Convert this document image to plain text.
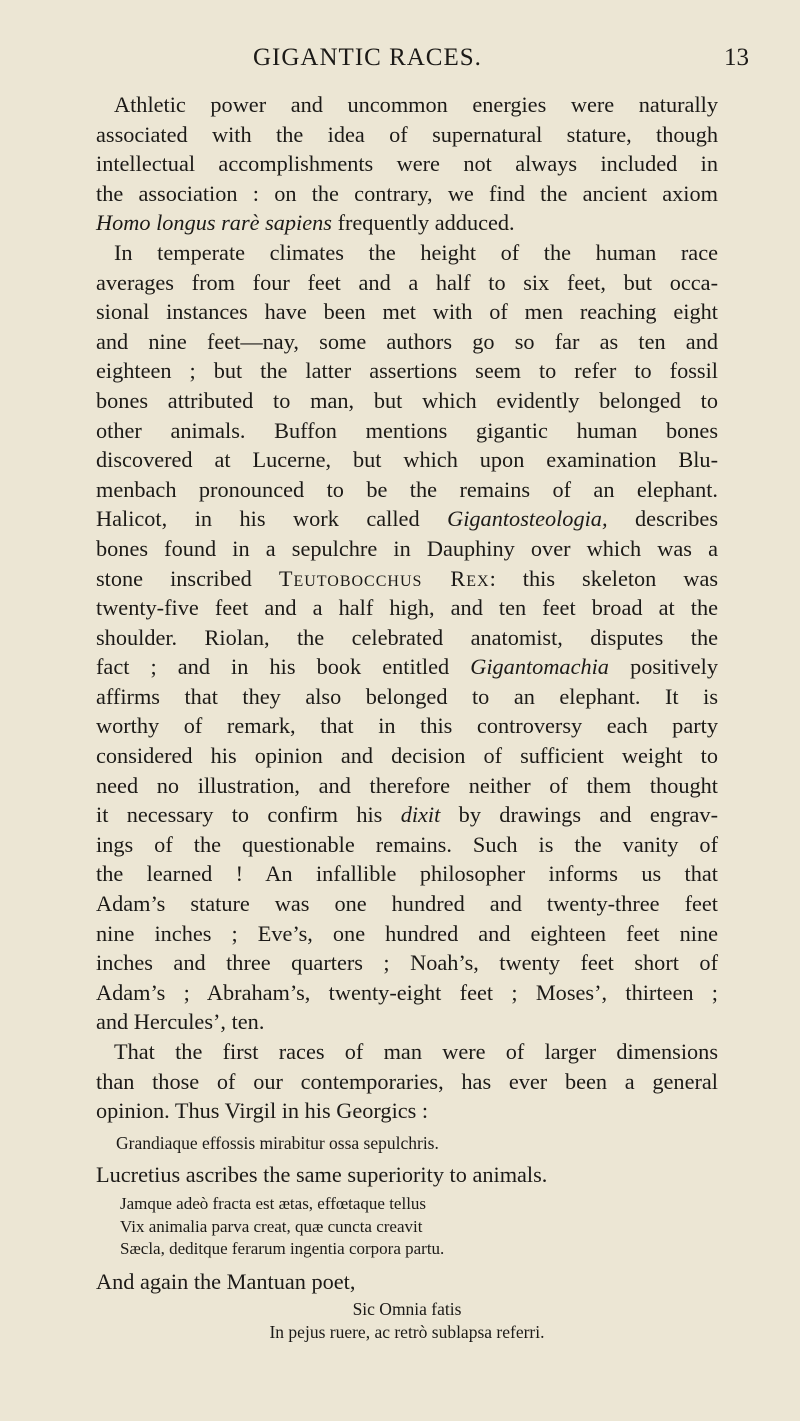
GIGANTIC RACES.	13
Athletic power and uncommon energies were naturally
associated with the idea of supernatural stature, though
intellectual accomplishments were not always included in
the association : on the contrary, we find the ancient axiom
Homo longus rarè sapiens frequently adduced.
In temperate climates the height of the human race
averages from four feet and a half to six feet, but occa-
sional instances have been met with of men reaching eight
and nine feet—nay, some authors go so far as ten and
eighteen ; but the latter assertions seem to refer to fossil
bones attributed to man, but which evidently belonged to
other animals. Buffon mentions gigantic human bones
discovered at Lucerne, but which upon examination Blu-
menbach pronounced to be the remains of an elephant.
Halicot, in his work called Gigantosteologia, describes
bones found in a sepulchre in Dauphiny over which was a
stone inscribed Teutobocchus Rex: this skeleton was
twenty-five feet and a half high, and ten feet broad at the
shoulder. Riolan, the celebrated anatomist, disputes the
fact ; and in his book entitled Gigantomachia positively
affirms that they also belonged to an elephant. It is
worthy of remark, that in this controversy each party
considered his opinion and decision of sufficient weight to
need no illustration, and therefore neither of them thought
it necessary to confirm his dixit by drawings and engrav-
ings of the questionable remains. Such is the vanity of
the learned ! An infallible philosopher informs us that
Adam’s stature was one hundred and twenty-three feet
nine inches ; Eve’s, one hundred and eighteen feet nine
inches and three quarters ; Noah’s, twenty feet short of
Adam’s ; Abraham’s, twenty-eight feet ; Moses’, thirteen ;
and Hercules’, ten.
That the first races of man were of larger dimensions
than those of our contemporaries, has ever been a general
opinion. Thus Virgil in his Georgics :
Grandiaque effossis mirabitur ossa sepulchris.
Lucretius ascribes the same superiority to animals.
Jamque adeò fracta est ætas, effœtaque tellus
Vix animalia parva creat, quæ cuncta creavit
Sæcla, deditque ferarum ingentia corpora partu.
And again the Mantuan poet,
Sic Omnia fatis
In pejus ruere, ac retrò sublapsa referri.
